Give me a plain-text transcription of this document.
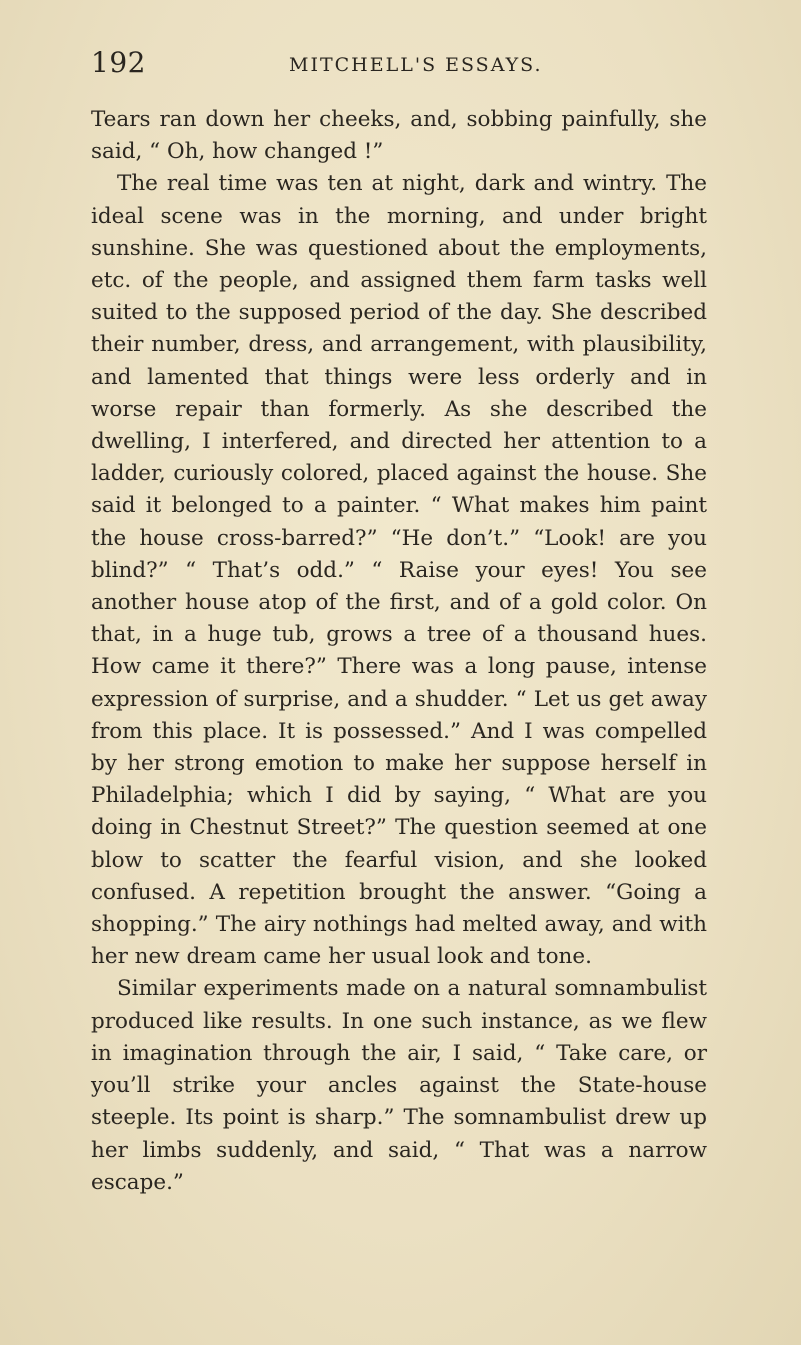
192	MITCHELL'S ESSAYS.

Tears ran down her cheeks, and, sobbing painfully, she said, “ Oh, how changed !”

The real time was ten at night, dark and wintry. The ideal scene was in the morning, and under bright sunshine. She was questioned about the employments, etc. of the people, and assigned them farm tasks well suited to the supposed period of the day. She described their number, dress, and arrangement, with plausibility, and lamented that things were less orderly and in worse repair than formerly. As she described the dwelling, I interfered, and directed her attention to a ladder, curiously colored, placed against the house. She said it belonged to a painter. “ What makes him paint the house cross-barred?” “He don’t.” “Look! are you blind?” “ That’s odd.” “ Raise your eyes! You see another house atop of the first, and of a gold color. On that, in a huge tub, grows a tree of a thousand hues. How came it there?” There was a long pause, intense expression of surprise, and a shudder. “ Let us get away from this place. It is possessed.” And I was compelled by her strong emotion to make her suppose herself in Philadelphia; which I did by saying, “ What are you doing in Chestnut Street?” The question seemed at one blow to scatter the fearful vision, and she looked confused. A repetition brought the answer. “Going a shopping.” The airy nothings had melted away, and with her new dream came her usual look and tone.

Similar experiments made on a natural somnambulist produced like results. In one such instance, as we flew in imagination through the air, I said, “ Take care, or you’ll strike your ancles against the State-house steeple. Its point is sharp.” The somnambulist drew up her limbs suddenly, and said, “ That was a narrow escape.”
